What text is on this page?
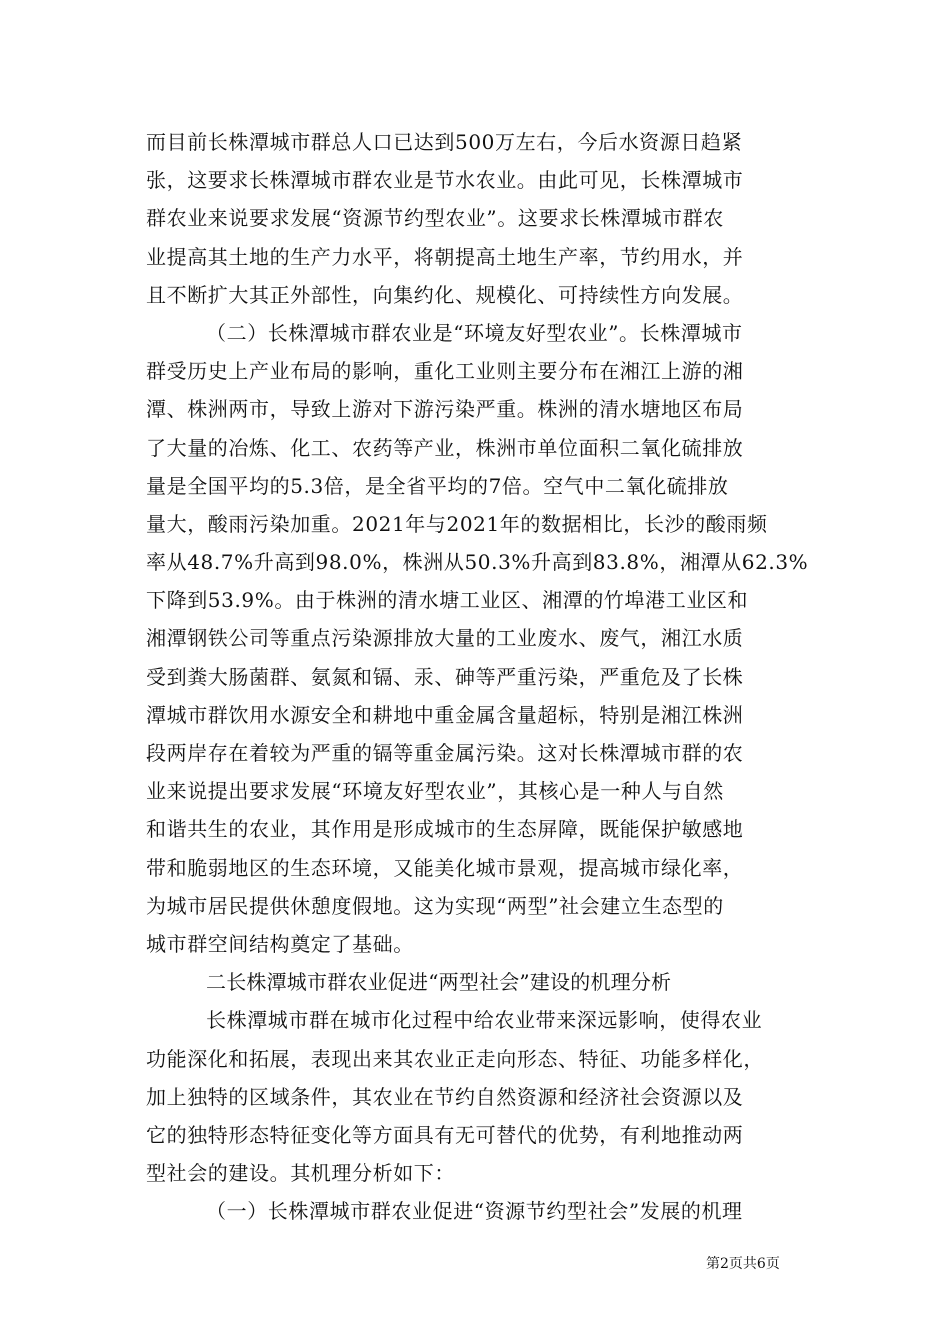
而目前长株潭城市群总人口已达到500万左右，今后水资源日趋紧
张，这要求长株潭城市群农业是节水农业。由此可见，长株潭城市
群农业来说要求发展“资源节约型农业”。这要求长株潭城市群农
业提高其土地的生产力水平，将朝提高土地生产率，节约用水，并
且不断扩大其正外部性，向集约化、规模化、可持续性方向发展。
（二）长株潭城市群农业是“环境友好型农业”。长株潭城市
群受历史上产业布局的影响，重化工业则主要分布在湘江上游的湘
潭、株洲两市，导致上游对下游污染严重。株洲的清水塘地区布局
了大量的冶炼、化工、农药等产业，株洲市单位面积二氧化硫排放
量是全国平均的5.3倍，是全省平均的7倍。空气中二氧化硫排放
量大，酸雨污染加重。2021年与2021年的数据相比，长沙的酸雨频
率从48.7%升高到98.0%，株洲从50.3%升高到83.8%，湘潭从62.3%
下降到53.9%。由于株洲的清水塘工业区、湘潭的竹埠港工业区和
湘潭钢铁公司等重点污染源排放大量的工业废水、废气，湘江水质
受到粪大肠菌群、氨氮和镉、汞、砷等严重污染，严重危及了长株
潭城市群饮用水源安全和耕地中重金属含量超标，特别是湘江株洲
段两岸存在着较为严重的镉等重金属污染。这对长株潭城市群的农
业来说提出要求发展“环境友好型农业”，其核心是一种人与自然
和谐共生的农业，其作用是形成城市的生态屏障，既能保护敏感地
带和脆弱地区的生态环境，又能美化城市景观，提高城市绿化率，
为城市居民提供休憩度假地。这为实现“两型”社会建立生态型的
城市群空间结构奠定了基础。
二长株潭城市群农业促进“两型社会”建设的机理分析
长株潭城市群在城市化过程中给农业带来深远影响，使得农业
功能深化和拓展，表现出来其农业正走向形态、特征、功能多样化，
加上独特的区域条件，其农业在节约自然资源和经济社会资源以及
它的独特形态特征变化等方面具有无可替代的优势，有利地推动两
型社会的建设。其机理分析如下：
（一）长株潭城市群农业促进“资源节约型社会”发展的机理
第2页共6页
